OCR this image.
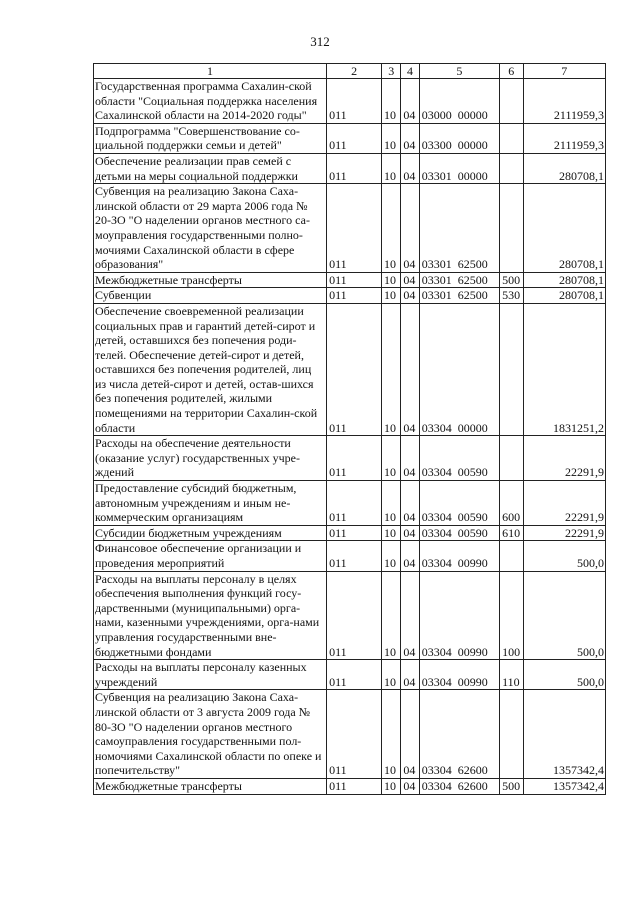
312
1	2	3	4	5	6	7
Государственная программа Сахалин-ской области "Социальная поддержка населения Сахалинской области на 2014-2020 годы"	011	10	04	03000  00000		2111959,3
Подпрограмма "Совершенствование со-циальной поддержки семьи и детей"	011	10	04	03300  00000		2111959,3
Обеспечение реализации прав семей с детьми на меры социальной поддержки	011	10	04	03301  00000		280708,1
Субвенция на реализацию Закона Саха-линской области от 29 марта 2006 года № 20-ЗО "О наделении органов местного са-моуправления государственными полно-мочиями Сахалинской области в сфере образования"	011	10	04	03301  62500		280708,1
Межбюджетные трансферты	011	10	04	03301  62500	500	280708,1
Субвенции	011	10	04	03301  62500	530	280708,1
Обеспечение своевременной реализации социальных прав и гарантий детей-сирот и детей, оставшихся без попечения роди-телей. Обеспечение детей-сирот и детей, оставшихся без попечения родителей, лиц из числа детей-сирот и детей, остав-шихся без попечения родителей, жилыми помещениями на территории Сахалин-ской области	011	10	04	03304  00000		1831251,2
Расходы на обеспечение деятельности (оказание услуг) государственных учре-ждений	011	10	04	03304  00590		22291,9
Предоставление субсидий бюджетным, автономным учреждениям и иным не-коммерческим организациям	011	10	04	03304  00590	600	22291,9
Субсидии бюджетным учреждениям	011	10	04	03304  00590	610	22291,9
Финансовое обеспечение организации и проведения мероприятий	011	10	04	03304  00990		500,0
Расходы на выплаты персоналу в целях обеспечения выполнения функций госу-дарственными (муниципальными) орга-нами, казенными учреждениями, орга-нами управления государственными вне-бюджетными фондами	011	10	04	03304  00990	100	500,0
Расходы на выплаты персоналу казенных учреждений	011	10	04	03304  00990	110	500,0
Субвенция на реализацию Закона Саха-линской области от 3 августа 2009 года № 80-ЗО "О наделении органов местного самоуправления государственными пол-номочиями Сахалинской области по опеке и попечительству"	011	10	04	03304  62600		1357342,4
Межбюджетные трансферты	011	10	04	03304  62600	500	1357342,4
